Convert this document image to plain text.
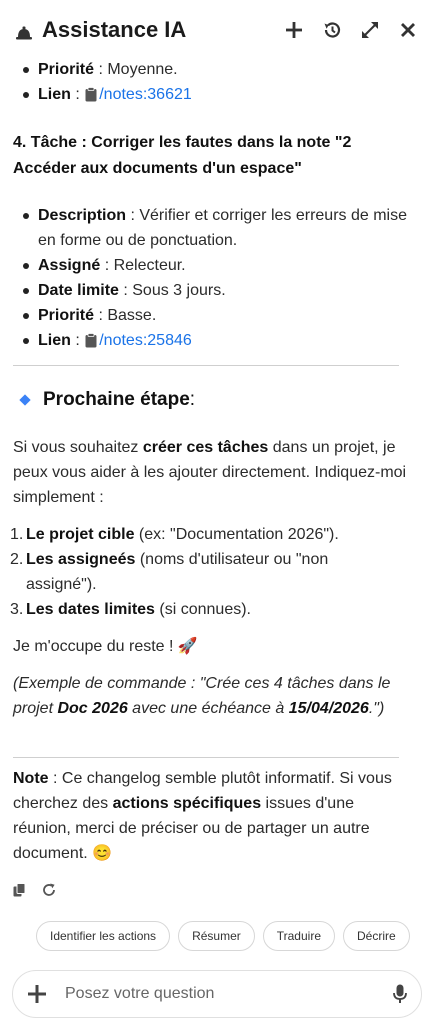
Assistance IA
Priorité : Moyenne.
Lien : /notes:36621
4. Tâche : Corriger les fautes dans la note "2 Accéder aux documents d'un espace"
Description : Vérifier et corriger les erreurs de mise en forme ou de ponctuation.
Assigné : Relecteur.
Date limite : Sous 3 jours.
Priorité : Basse.
Lien : /notes:25846
Prochaine étape :
Si vous souhaitez créer ces tâches dans un projet, je peux vous aider à les ajouter directement. Indiquez-moi simplement :
1. Le projet cible (ex: "Documentation 2026").
2. Les assigneés (noms d'utilisateur ou "non assigné").
3. Les dates limites (si connues).
Je m'occupe du reste ! 🚀
(Exemple de commande : "Crée ces 4 tâches dans le projet Doc 2026 avec une échéance à 15/04/2026.")
Note : Ce changelog semble plutôt informatif. Si vous cherchez des actions spécifiques issues d'une réunion, merci de préciser ou de partager un autre document. 😊
Identifier les actions	Résumer	Traduire	Décrire
Posez votre question
